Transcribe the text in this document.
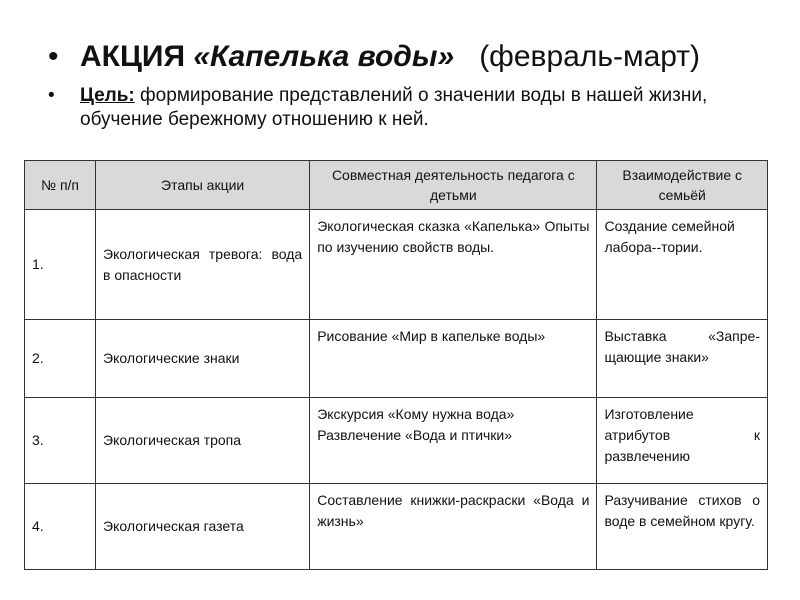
• АКЦИЯ «Капелька воды» (февраль-март)
• Цель: формирование представлений о значении воды в нашей жизни, обучение бережному отношению к ней.
№ п/п	Этапы акции	Совместная деятельность педагога с детьми	Взаимодействие с семьёй
1.	Экологическая тревога: вода в опасности	Экологическая сказка «Капелька» Опыты по изучению свойств воды.	Создание семейной лабора--тории.
2.	Экологические знаки	Рисование «Мир в капельке воды»	Выставка «Запре-щающие знаки»
3.	Экологическая тропа	Экскурсия «Кому нужна вода» Развлечение «Вода и птички»	Изготовление атрибутов к развлечению
4.	Экологическая газета	Составление книжки-раскраски «Вода и жизнь»	Разучивание стихов о воде в семейном кругу.
